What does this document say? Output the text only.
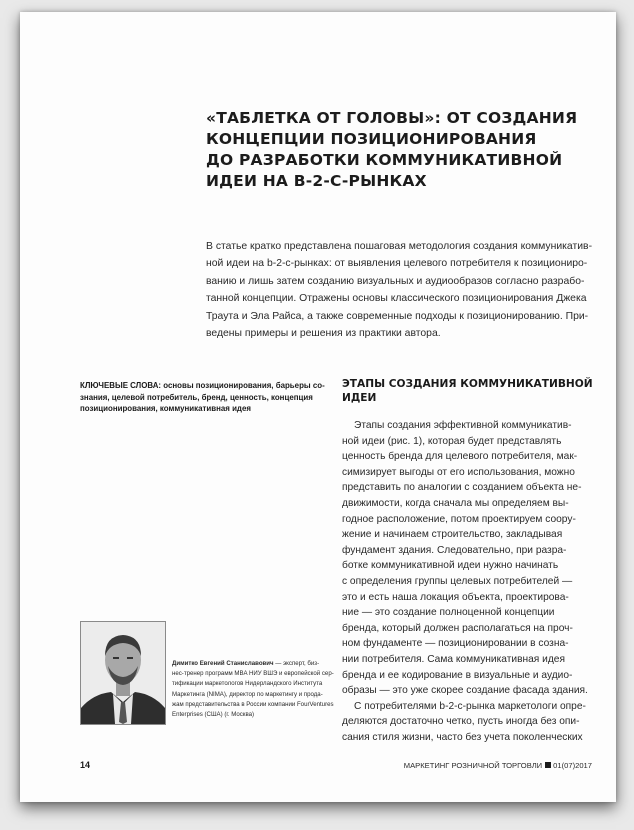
«ТАБЛЕТКА ОТ ГОЛОВЫ»: ОТ СОЗДАНИЯ
КОНЦЕПЦИИ ПОЗИЦИОНИРОВАНИЯ
ДО РАЗРАБОТКИ КОММУНИКАТИВНОЙ
ИДЕИ НА B-2-C-РЫНКАХ
В статье кратко представлена пошаговая методология создания коммуникатив-
ной идеи на b-2-c-рынках: от выявления целевого потребителя к позициониро-
ванию и лишь затем созданию визуальных и аудиообразов согласно разрабо-
танной концепции. Отражены основы классического позиционирования Джека
Траута и Эла Райса, а также современные подходы к позиционированию. При-
ведены примеры и решения из практики автора.
КЛЮЧЕВЫЕ СЛОВА: основы позиционирования, барьеры со-
знания, целевой потребитель, бренд, ценность, концепция
позиционирования, коммуникативная идея
ЭТАПЫ СОЗДАНИЯ КОММУНИКАТИВНОЙ
ИДЕИ
Этапы создания эффективной коммуникатив-
ной идеи (рис. 1), которая будет представлять
ценность бренда для целевого потребителя, мак-
симизирует выгоды от его использования, можно
представить по аналогии с созданием объекта не-
движимости, когда сначала мы определяем вы-
годное расположение, потом проектируем соору-
жение и начинаем строительство, закладывая
фундамент здания. Следовательно, при разра-
ботке коммуникативной идеи нужно начинать
с определения группы целевых потребителей —
это и есть наша локация объекта, проектирова-
ние — это создание полноценной концепции
бренда, который должен располагаться на проч-
ном фундаменте — позиционировании в созна-
нии потребителя. Сама коммуникативная идея
бренда и ее кодирование в визуальные и аудио-
образы — это уже скорее создание фасада здания.
С потребителями b-2-c-рынка маркетологи опре-
деляются достаточно четко, пусть иногда без опи-
сания стиля жизни, часто без учета поколенческих
Димитко Евгений Станиславович — эксперт, биз-
нес-тренер программ MBA НИУ ВШЭ и европейской сер-
тификации маркетологов Нидерландского Института
Маркетинга (NIMA), директор по маркетингу и прода-
жам представительства в России компании FourVentures
Enterprises (США) (г. Москва)
14	МАРКЕТИНГ РОЗНИЧНОЙ ТОРГОВЛИ 01(07)2017
